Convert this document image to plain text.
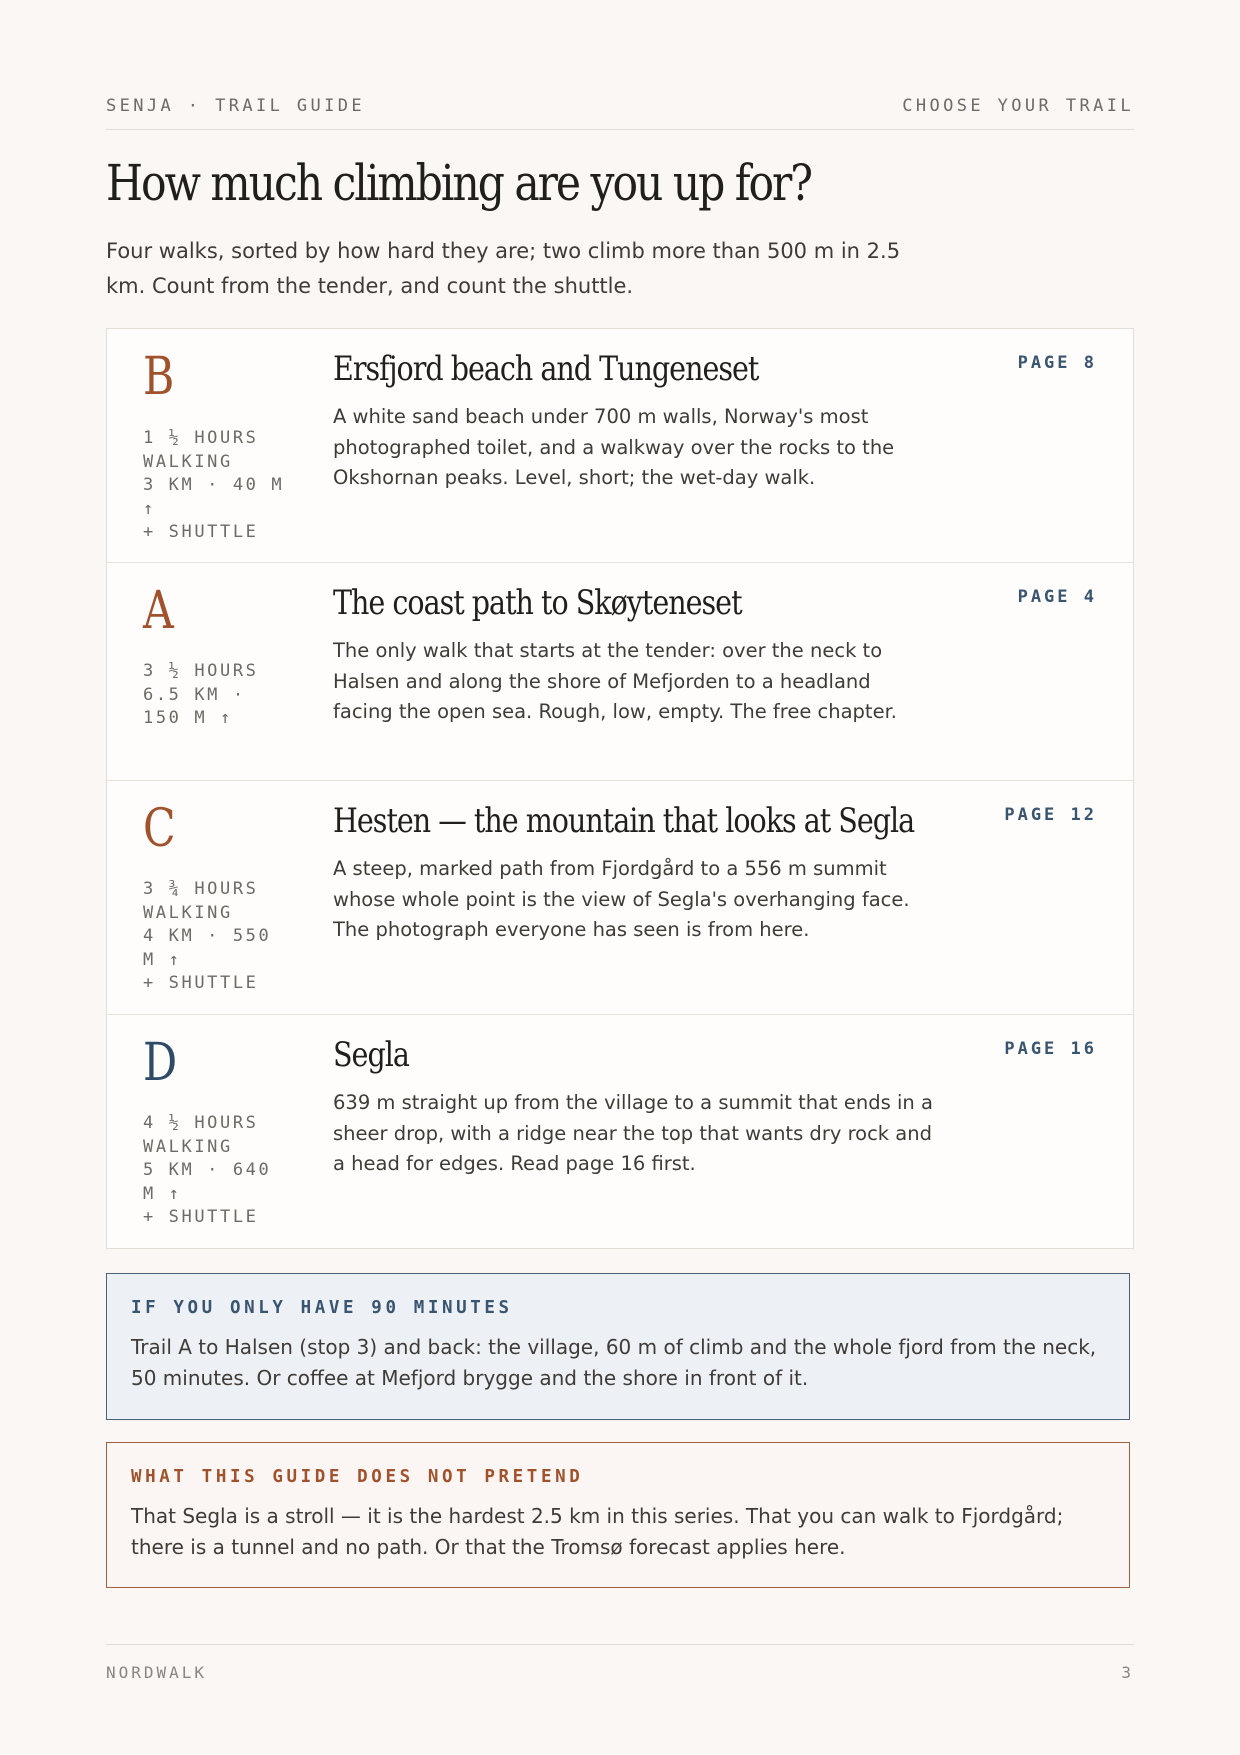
SENJA · TRAIL GUIDE	CHOOSE YOUR TRAIL
How much climbing are you up for?

Four walks, sorted by how hard they are; two climb more than 500 m in 2.5 km. Count from the tender, and count the shuttle.

B
1 ½ HOURS
WALKING
3 KM · 40 M
↑
+ SHUTTLE
Ersfjord beach and Tungeneset

A white sand beach under 700 m walls, Norway's most photographed toilet, and a walkway over the rocks to the Okshornan peaks. Level, short; the wet-day walk.

PAGE 8
A
3 ½ HOURS
6.5 KM ·
150 M ↑
The coast path to Skøyteneset

The only walk that starts at the tender: over the neck to Halsen and along the shore of Mefjorden to a headland facing the open sea. Rough, low, empty. The free chapter.

PAGE 4
C
3 ¾ HOURS
WALKING
4 KM · 550
M ↑
+ SHUTTLE
Hesten — the mountain that looks at Segla

A steep, marked path from Fjordgård to a 556 m summit whose whole point is the view of Segla's overhanging face. The photograph everyone has seen is from here.

PAGE 12
D
4 ½ HOURS
WALKING
5 KM · 640
M ↑
+ SHUTTLE
Segla

639 m straight up from the village to a summit that ends in a sheer drop, with a ridge near the top that wants dry rock and a head for edges. Read page 16 first.

PAGE 16
IF YOU ONLY HAVE 90 MINUTES

Trail A to Halsen (stop 3) and back: the village, 60 m of climb and the whole fjord from the neck, 50 minutes. Or coffee at Mefjord brygge and the shore in front of it.

WHAT THIS GUIDE DOES NOT PRETEND

That Segla is a stroll — it is the hardest 2.5 km in this series. That you can walk to Fjordgård; there is a tunnel and no path. Or that the Tromsø forecast applies here.

NORDWALK	3
